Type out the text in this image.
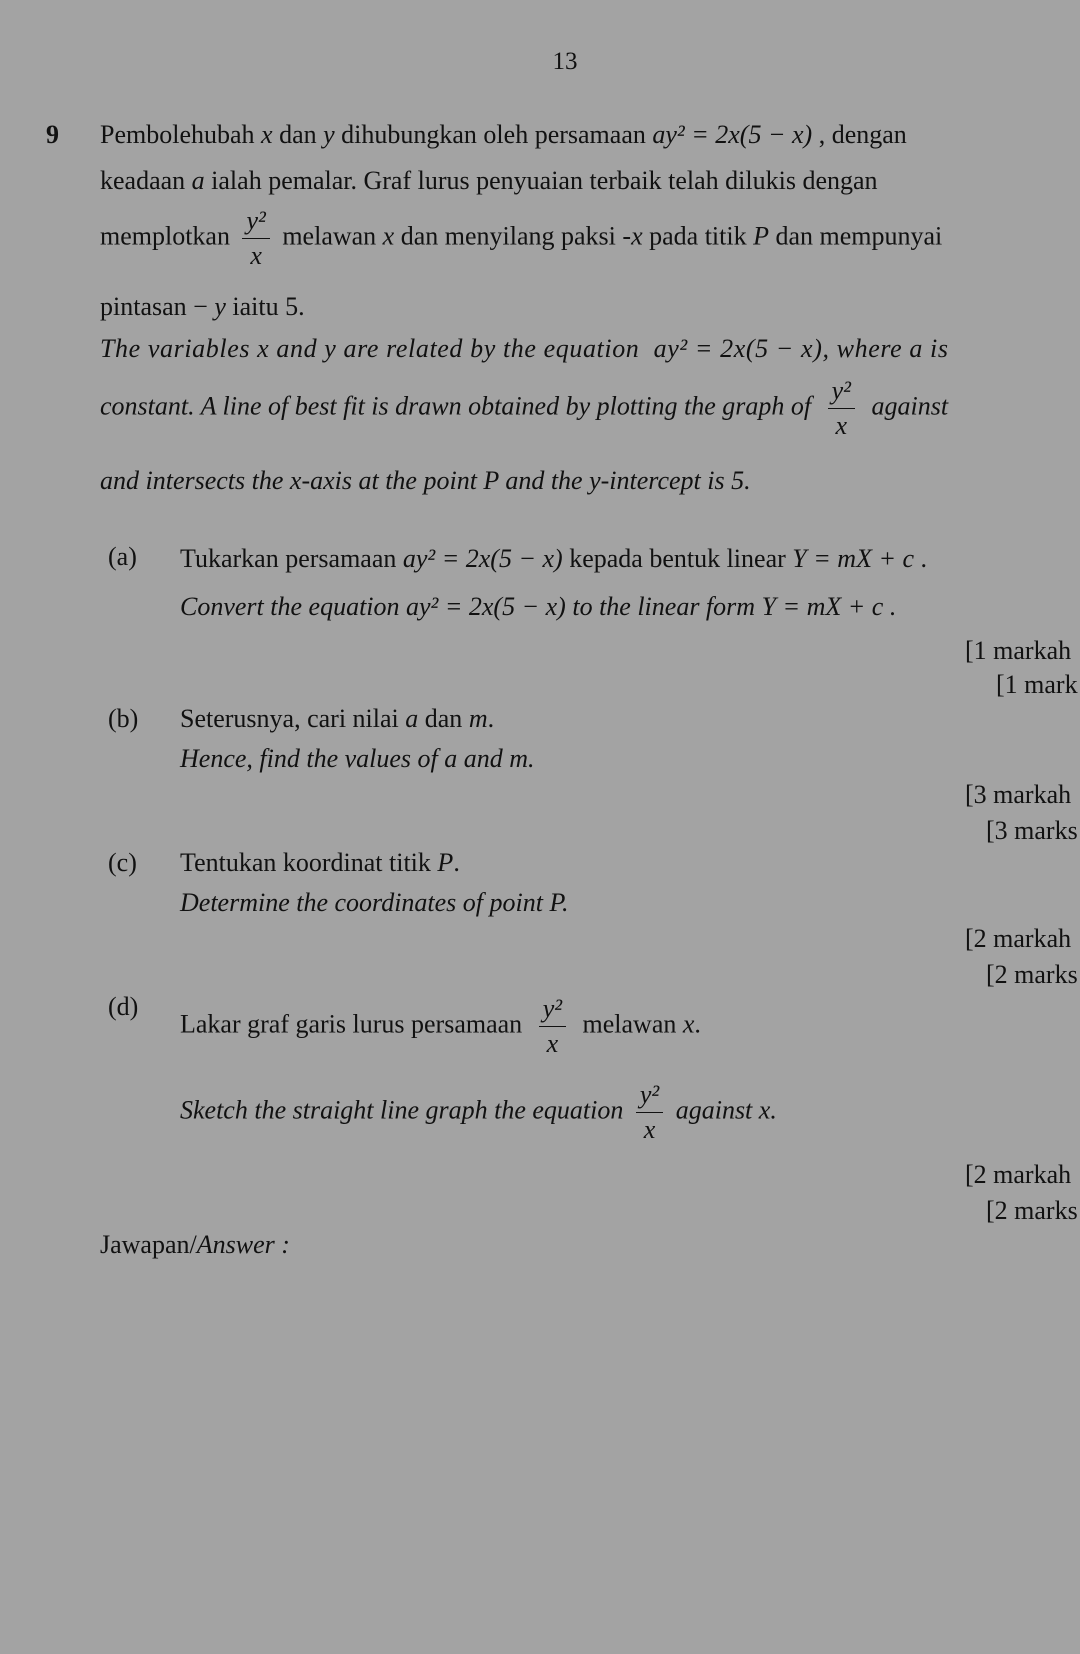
13
9 Pembolehubah x dan y dihubungkan oleh persamaan ay² = 2x(5 − x) , dengan
keadaan a ialah pemalar. Graf lurus penyuaian terbaik telah dilukis dengan
memplotkan $\frac{\text{y²}}{x}$ melawan x dan menyilang paksi -x pada titik P dan mempunyai
pintasan − y iaitu 5.
The variables x and y are related by the equation ay² = 2x(5 − x), where a is
constant. A line of best fit is drawn obtained by plotting the graph of $\frac{\text{y²}}{x}$ against
and intersects the x-axis at the point P and the y-intercept is 5.
(a) Tukarkan persamaan ay² = 2x(5 − x) kepada bentuk linear Y = mX + c .
Convert the equation ay² = 2x(5 − x) to the linear form Y = mX + c .
[1 markah
[1 mark
(b) Seterusnya, cari nilai a dan m.
Hence, find the values of a and m.
[3 markah
[3 marks
(c) Tentukan koordinat titik P.
Determine the coordinates of point P.
[2 markah
[2 marks
(d)
Lakar graf garis lurus persamaan $\frac{\text{y²}}{x}$ melawan x.
Sketch the straight line graph the equation $\frac{\text{y²}}{x}$ against x.
[2 markah
[2 marks
Jawapan/Answer :
